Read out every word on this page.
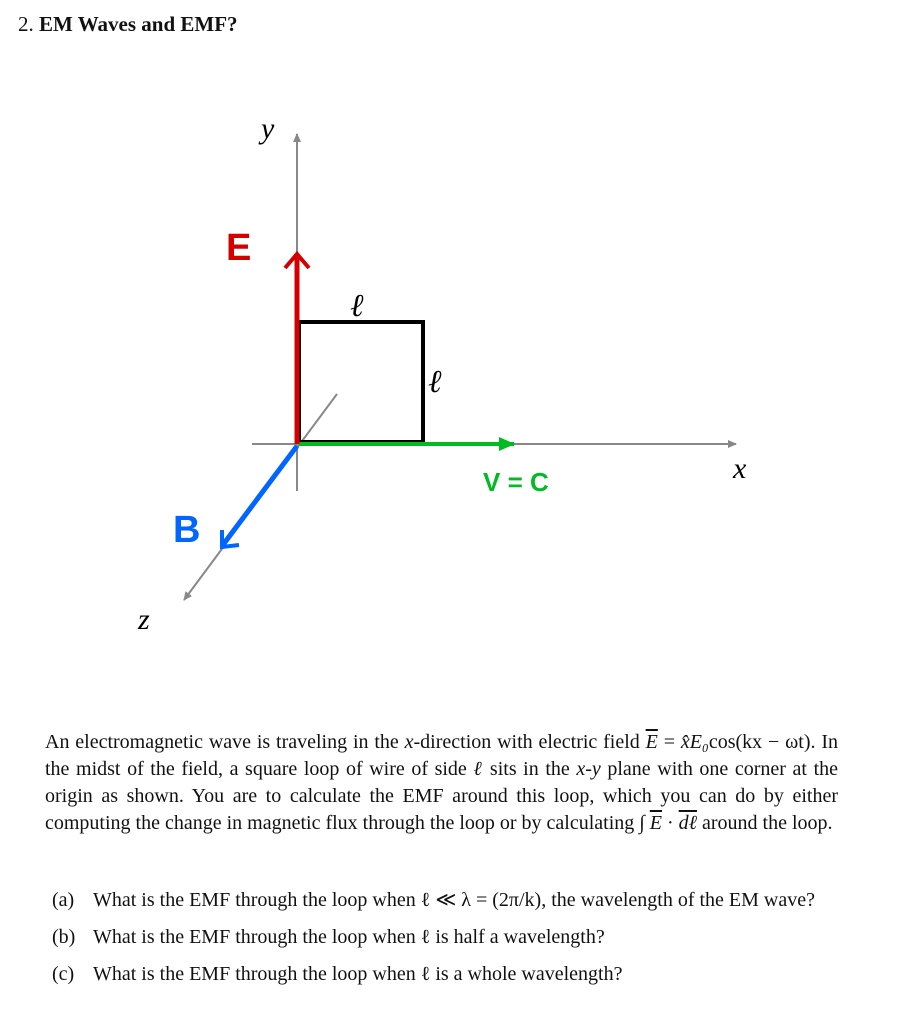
2. EM Waves and EMF?
y
x
z
E
B
V = C
ℓ
ℓ
An electromagnetic wave is traveling in the x-direction with electric field $\overline{E}$ = x̂E₀cos(kx − ωt). In the midst of the field, a square loop of wire of side ℓ sits in the x-y plane with one corner at the origin as shown. You are to calculate the EMF around this loop, which you can do by either computing the change in magnetic flux through the loop or by calculating ∫ $\overline{E}$ · dℓ around the loop.
(a) What is the EMF through the loop when ℓ ≪ λ = (2π/k), the wavelength of the EM wave?
(b) What is the EMF through the loop when ℓ is half a wavelength?
(c) What is the EMF through the loop when ℓ is a whole wavelength?
